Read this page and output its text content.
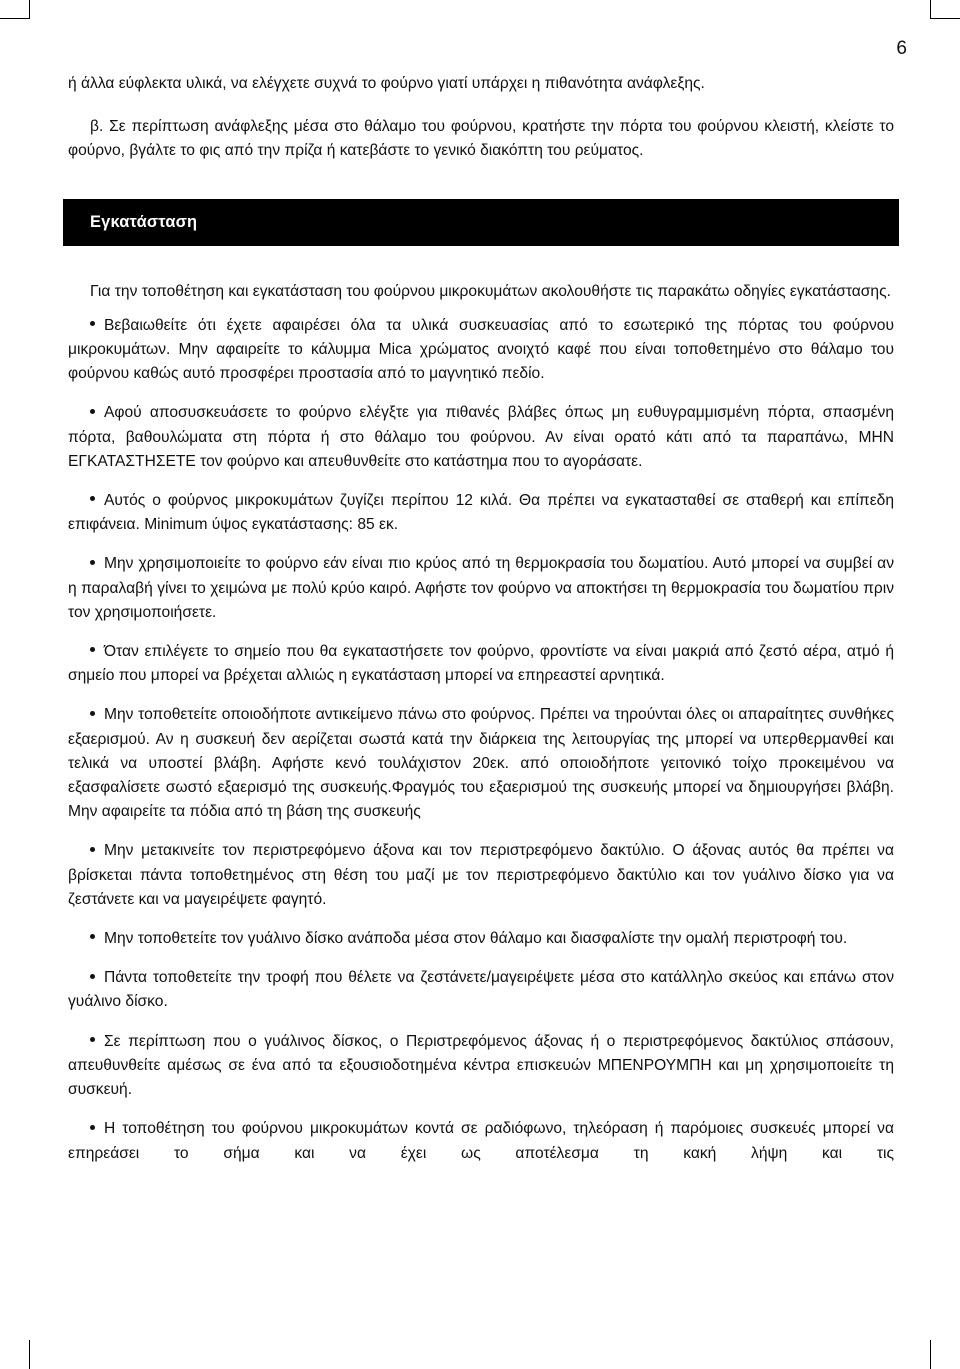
6

ή άλλα εύφλεκτα υλικά, να ελέγχετε συχνά το φούρνο γιατί υπάρχει η πιθανότητα ανάφλεξης.

β. Σε περίπτωση ανάφλεξης μέσα στο θάλαμο του φούρνου, κρατήστε την πόρτα του φούρνου κλειστή, κλείστε το φούρνο, βγάλτε το φις από την πρίζα ή κατεβάστε το γενικό διακόπτη του ρεύματος.

Εγκατάσταση

Για την τοποθέτηση και εγκατάσταση του φούρνου μικροκυμάτων ακολουθήστε τις παρακάτω οδηγίες εγκατάστασης.

Βεβαιωθείτε ότι έχετε αφαιρέσει όλα τα υλικά συσκευασίας από το εσωτερικό της πόρτας του φούρνου μικροκυμάτων. Μην αφαιρείτε το κάλυμμα Mica χρώματος ανοιχτό καφέ που είναι τοποθετημένο στο θάλαμο του φούρνου καθώς αυτό προσφέρει προστασία από το μαγνητικό πεδίο.

Αφού αποσυσκευάσετε το φούρνο ελέγξτε για πιθανές βλάβες όπως μη ευθυγραμμισμένη πόρτα, σπασμένη πόρτα, βαθουλώματα στη πόρτα ή στο θάλαμο του φούρνου. Αν είναι ορατό κάτι από τα παραπάνω, ΜΗΝ ΕΓΚΑΤΑΣΤΗΣΕΤΕ τον φούρνο και απευθυνθείτε στο κατάστημα που το αγοράσατε.

Αυτός ο φούρνος μικροκυμάτων ζυγίζει περίπου 12 κιλά. Θα πρέπει να εγκατασταθεί σε σταθερή και επίπεδη επιφάνεια. Minimum ύψος εγκατάστασης: 85 εκ.

Μην χρησιμοποιείτε το φούρνο εάν είναι πιο κρύος από τη θερμοκρασία του δωματίου. Αυτό μπορεί να συμβεί αν η παραλαβή γίνει το χειμώνα με πολύ κρύο καιρό. Αφήστε τον φούρνο να αποκτήσει τη θερμοκρασία του δωματίου πριν τον χρησιμοποιήσετε.

Όταν επιλέγετε το σημείο που θα εγκαταστήσετε τον φούρνο, φροντίστε να είναι μακριά από ζεστό αέρα, ατμό ή σημείο που μπορεί να βρέχεται αλλιώς η εγκατάσταση μπορεί να επηρεαστεί αρνητικά.

Μην τοποθετείτε οποιοδήποτε αντικείμενο πάνω στο φούρνος. Πρέπει να τηρούνται όλες οι απαραίτητες συνθήκες εξαερισμού. Αν η συσκευή δεν αερίζεται σωστά κατά την διάρκεια της λειτουργίας της μπορεί να υπερθερμανθεί και τελικά να υποστεί βλάβη. Αφήστε κενό τουλάχιστον 20εκ. από οποιοδήποτε γειτονικό τοίχο προκειμένου να εξασφαλίσετε σωστό εξαερισμό της συσκευής.Φραγμός του εξαερισμού της συσκευής μπορεί να δημιουργήσει βλάβη. Μην αφαιρείτε τα πόδια από τη βάση της συσκευής

Μην μετακινείτε τον περιστρεφόμενο άξονα και τον περιστρεφόμενο δακτύλιο. Ο άξονας αυτός θα πρέπει να βρίσκεται πάντα τοποθετημένος στη θέση του μαζί με τον περιστρεφόμενο δακτύλιο και τον γυάλινο δίσκο για να ζεστάνετε και να μαγειρέψετε φαγητό.

Μην τοποθετείτε τον γυάλινο δίσκο ανάποδα μέσα στον θάλαμο και διασφαλίστε την ομαλή περιστροφή του.

Πάντα τοποθετείτε την τροφή που θέλετε να ζεστάνετε/μαγειρέψετε μέσα στο κατάλληλο σκεύος και επάνω στον γυάλινο δίσκο.

Σε περίπτωση που ο γυάλινος δίσκος, ο Περιστρεφόμενος άξονας ή ο περιστρεφόμενος δακτύλιος σπάσουν, απευθυνθείτε αμέσως σε ένα από τα εξουσιοδοτημένα κέντρα επισκευών ΜΠΕΝΡΟΥΜΠΗ και μη χρησιμοποιείτε τη συσκευή.

Η τοποθέτηση του φούρνου μικροκυμάτων κοντά σε ραδιόφωνο, τηλεόραση ή παρόμοιες συσκευές μπορεί να επηρεάσει το σήμα και να έχει ως αποτέλεσμα τη κακή λήψη και τις
